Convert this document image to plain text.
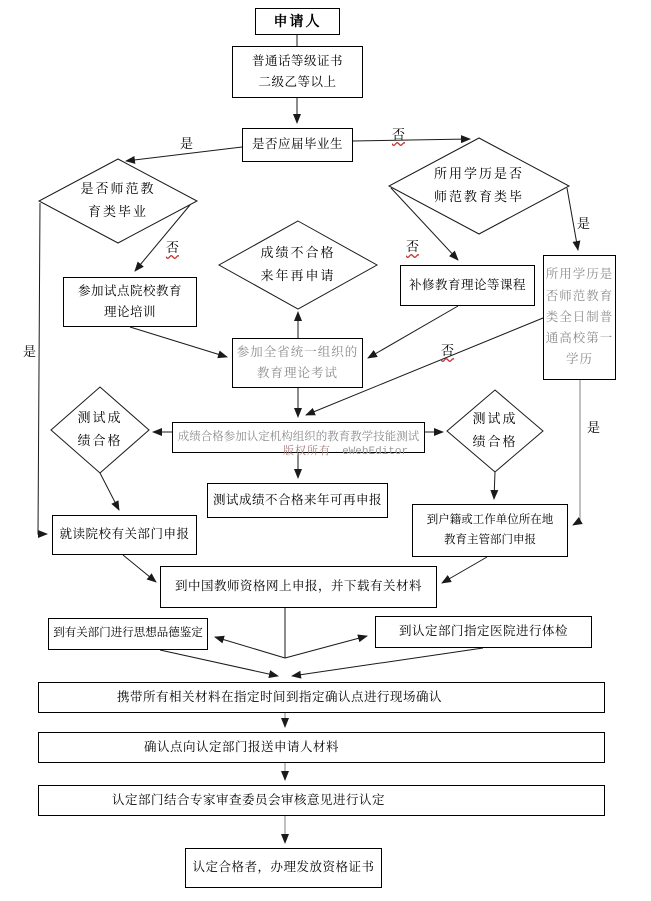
申请人
普通话等级证书
二级乙等以上
是否应届毕业生
参加试点院校教育
理论培训
补修教育理论等课程
所用学历是
否师范教育
类全日制普
通高校第一
学历
参加全省统一组织的
教育理论考试
成绩合格参加认定机构组织的教育教学技能测试
测试成绩不合格来年可再申报
就读院校有关部门申报
到户籍或工作单位所在地
教育主管部门申报
到中国教师资格网上申报，并下载有关材料
到有关部门进行思想品德鉴定	到认定部门指定医院进行体检
携带所有相关材料在指定时间到指定确认点进行现场确认
确认点向认定部门报送申请人材料
认定部门结合专家审查委员会审核意见进行认定
认定合格者，办理发放资格证书
是否师范教
育类毕业
成绩不合格
来年再申请
所用学历是否
师范教育类毕
测试成
绩合格
测试成
绩合格
是
否
否
是
否
是
否
是
版权所有 eWebEditor
